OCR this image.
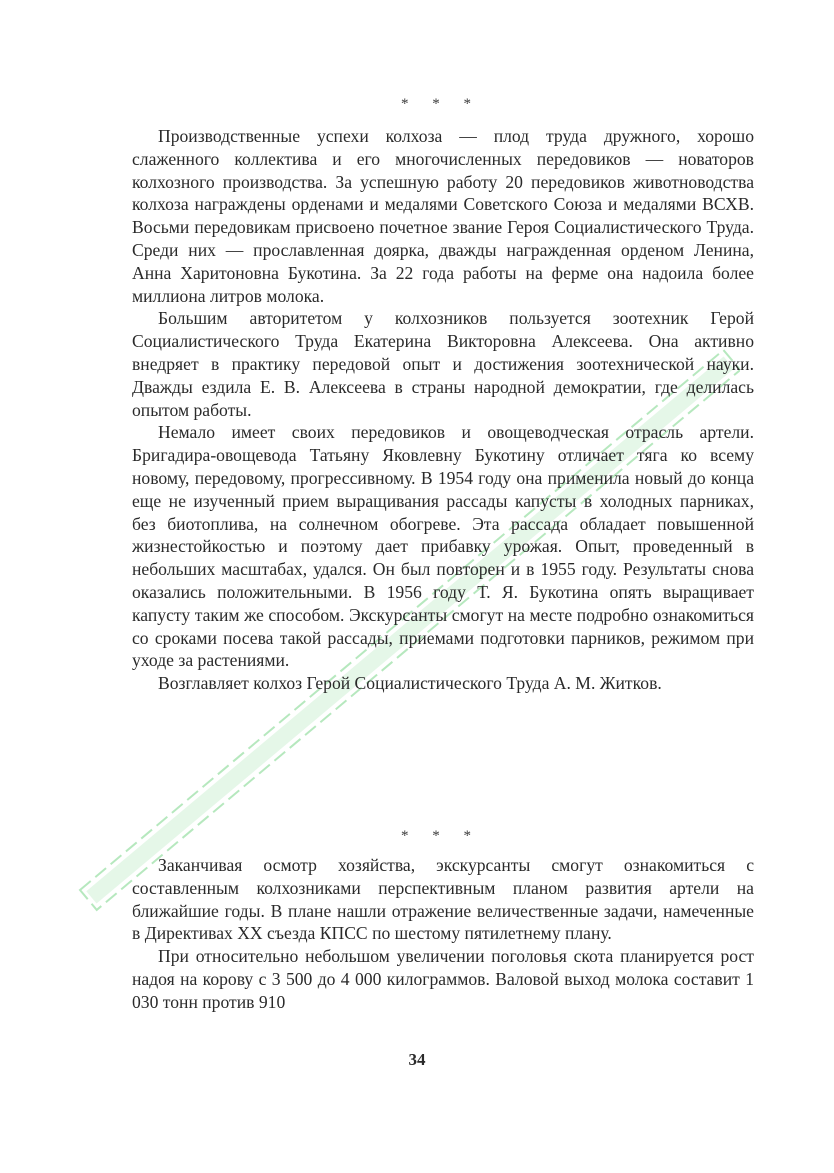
* * *

Производственные успехи колхоза — плод труда дружного, хорошо слаженного коллектива и его многочисленных передовиков — новаторов колхозного производства. За успешную работу 20 передовиков животноводства колхоза награждены орденами и медалями Советского Союза и медалями ВСХВ. Восьми передовикам присвоено почетное звание Героя Социалистического Труда. Среди них — прославленная доярка, дважды награжденная орденом Ленина, Анна Харитоновна Букотина. За 22 года работы на ферме она надоила более миллиона литров молока.

Большим авторитетом у колхозников пользуется зоотехник Герой Социалистического Труда Екатерина Викторовна Алексеева. Она активно внедряет в практику передовой опыт и достижения зоотехнической науки. Дважды ездила Е. В. Алексеева в страны народной демократии, где делилась опытом работы.

Немало имеет своих передовиков и овощеводческая отрасль артели. Бригадира-овощевода Татьяну Яковлевну Букотину отличает тяга ко всему новому, передовому, прогрессивному. В 1954 году она применила новый до конца еще не изученный прием выращивания рассады капусты в холодных парниках, без биотоплива, на солнечном обогреве. Эта рассада обладает повышенной жизнестойкостью и поэтому дает прибавку урожая. Опыт, проведенный в небольших масштабах, удался. Он был повторен и в 1955 году. Результаты снова оказались положительными. В 1956 году Т. Я. Букотина опять выращивает капусту таким же способом. Экскурсанты смогут на месте подробно ознакомиться со сроками посева такой рассады, приемами подготовки парников, режимом при уходе за растениями.

Возглавляет колхоз Герой Социалистического Труда А. М. Житков.

* * *

Заканчивая осмотр хозяйства, экскурсанты смогут ознакомиться с составленным колхозниками перспективным планом развития артели на ближайшие годы. В плане нашли отражение величественные задачи, намеченные в Директивах XX съезда КПСС по шестому пятилетнему плану.

При относительно небольшом увеличении поголовья скота планируется рост надоя на корову с 3 500 до 4 000 килограммов. Валовой выход молока составит 1 030 тонн против 910

34
